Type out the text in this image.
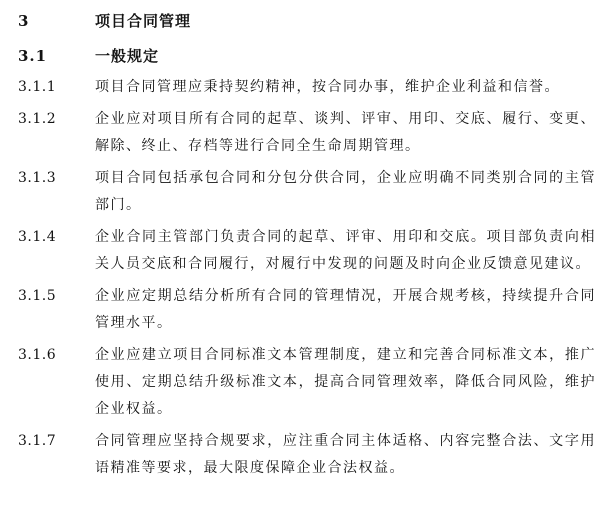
3	项目合同管理
3.1	一般规定
3.1.1	项目合同管理应秉持契约精神，按合同办事，维护企业利益和信誉。
3.1.2	企业应对项目所有合同的起草、谈判、评审、用印、交底、履行、变更、解除、终止、存档等进行合同全生命周期管理。
3.1.3	项目合同包括承包合同和分包分供合同，企业应明确不同类别合同的主管部门。
3.1.4	企业合同主管部门负责合同的起草、评审、用印和交底。项目部负责向相关人员交底和合同履行，对履行中发现的问题及时向企业反馈意见建议。
3.1.5	企业应定期总结分析所有合同的管理情况，开展合规考核，持续提升合同管理水平。
3.1.6	企业应建立项目合同标准文本管理制度，建立和完善合同标准文本，推广使用、定期总结升级标准文本，提高合同管理效率，降低合同风险，维护企业权益。
3.1.7	合同管理应坚持合规要求，应注重合同主体适格、内容完整合法、文字用语精准等要求，最大限度保障企业合法权益。
